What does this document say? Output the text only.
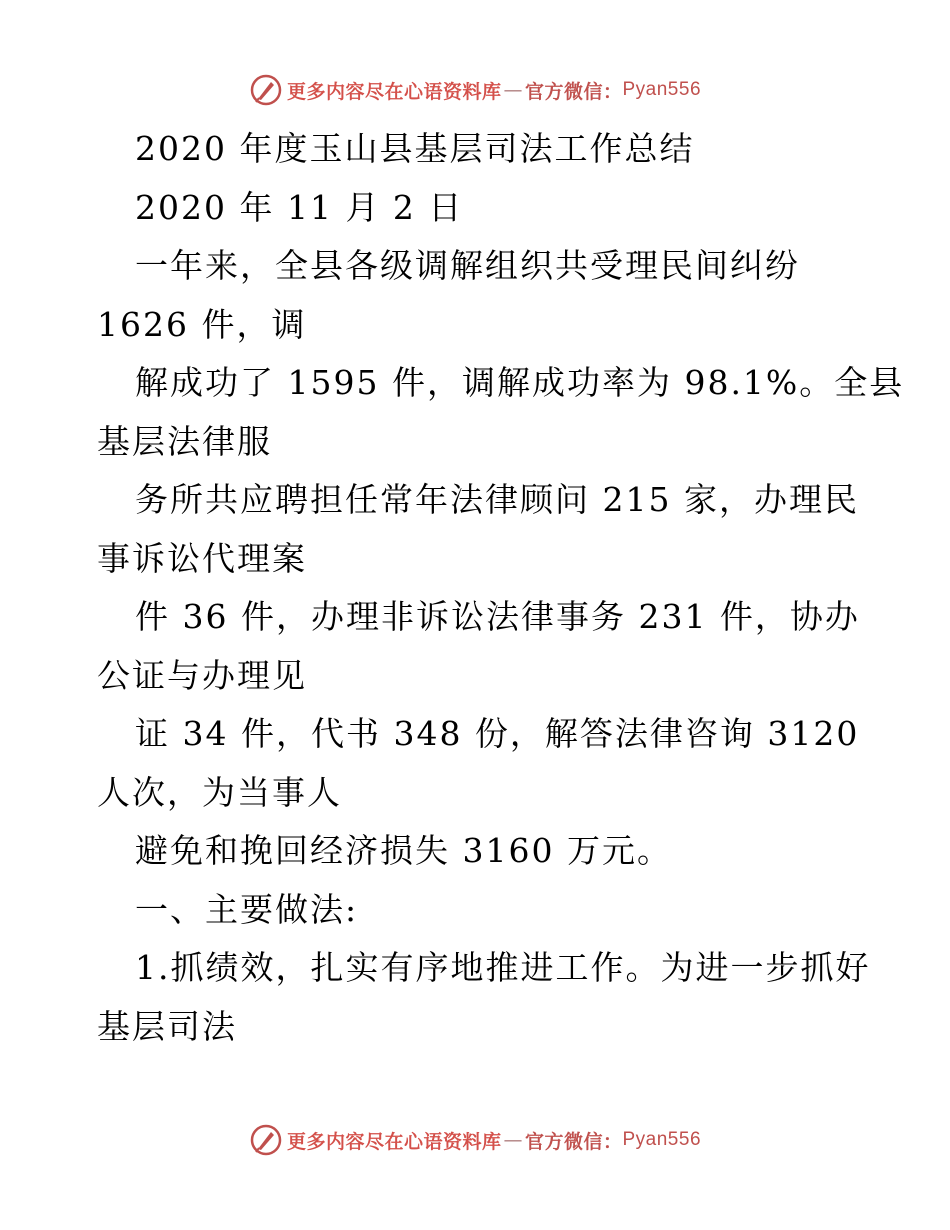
更多内容尽在心语资料库 — 官方微信： Pyan556
2020 年度玉山县基层司法工作总结
2020 年 11 月 2 日
一年来，全县各级调解组织共受理民间纠纷
1626 件，调
解成功了 1595 件，调解成功率为 98.1%。全县
基层法律服
务所共应聘担任常年法律顾问 215 家，办理民
事诉讼代理案
件 36 件，办理非诉讼法律事务 231 件，协办
公证与办理见
证 34 件，代书 348 份，解答法律咨询 3120
人次，为当事人
避免和挽回经济损失 3160 万元。
一、主要做法:
1.抓绩效，扎实有序地推进工作。为进一步抓好
基层司法
更多内容尽在心语资料库 — 官方微信： Pyan556
